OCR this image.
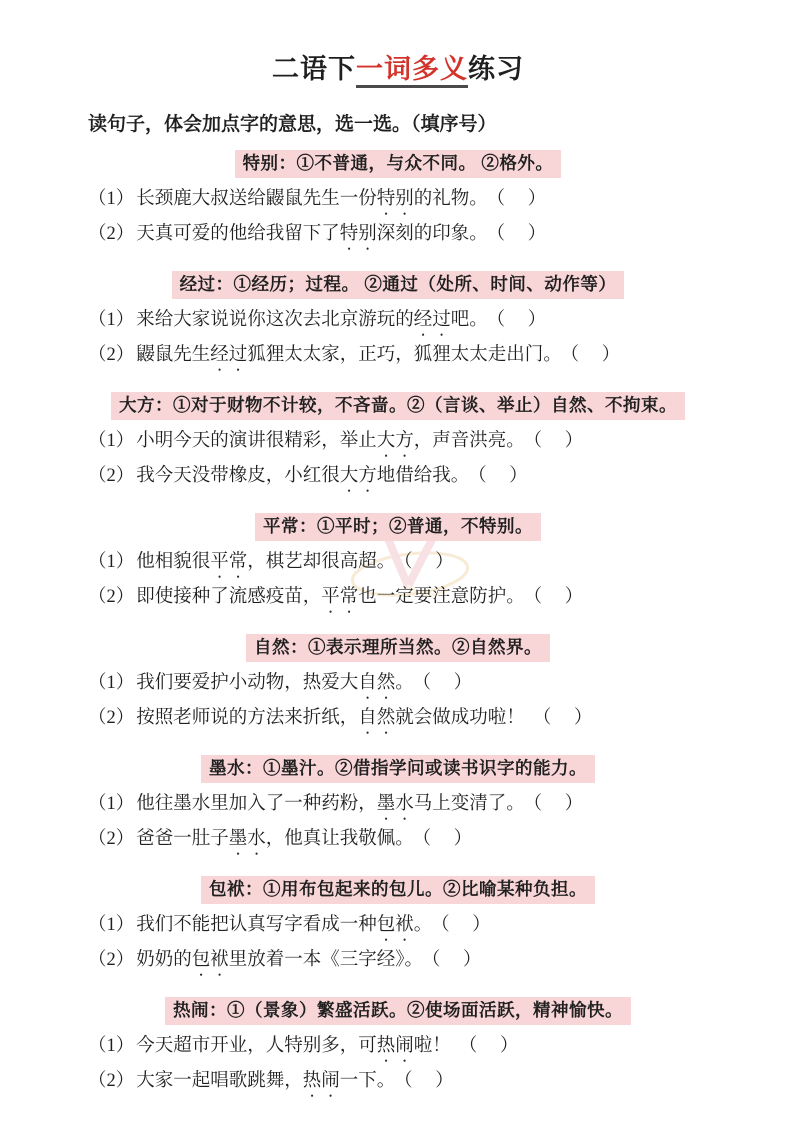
二语下一词多义练习

读句子，体会加点字的意思，选一选。（填序号）

特别：①不普通，与众不同。 ②格外。

（1） 长颈鹿大叔送给鼹鼠先生一份特别的礼物。 （　）

（2） 天真可爱的他给我留下了特别深刻的印象。 （　）

经过：①经历；过程。 ②通过（处所、时间、动作等）

（1） 来给大家说说你这次去北京游玩的经过吧。 （　）

（2） 鼹鼠先生经过狐狸太太家，正巧，狐狸太太走出门。 （　）

大方：①对于财物不计较，不吝啬。②（言谈、举止）自然、不拘束。

（1） 小明今天的演讲很精彩，举止大方，声音洪亮。 （　）

（2） 我今天没带橡皮，小红很大方地借给我。 （　）

平常：①平时；②普通，不特别。

（1） 他相貌很平常，棋艺却很高超。 （　）

（2） 即使接种了流感疫苗，平常也一定要注意防护。 （　）

自然：①表示理所当然。②自然界。

（1） 我们要爱护小动物，热爱大自然。 （　）

（2） 按照老师说的方法来折纸，自然就会做成功啦！ （　）

墨水：①墨汁。②借指学问或读书识字的能力。

（1） 他往墨水里加入了一种药粉，墨水马上变清了。 （　）

（2） 爸爸一肚子墨水，他真让我敬佩。 （　）

包袱：①用布包起来的包儿。②比喻某种负担。

（1） 我们不能把认真写字看成一种包袱。 （　）

（2） 奶奶的包袱里放着一本《三字经》。 （　）

热闹：①（景象）繁盛活跃。②使场面活跃，精神愉快。

（1） 今天超市开业，人特别多，可热闹啦！ （　）

（2） 大家一起唱歌跳舞，热闹一下。 （　）
